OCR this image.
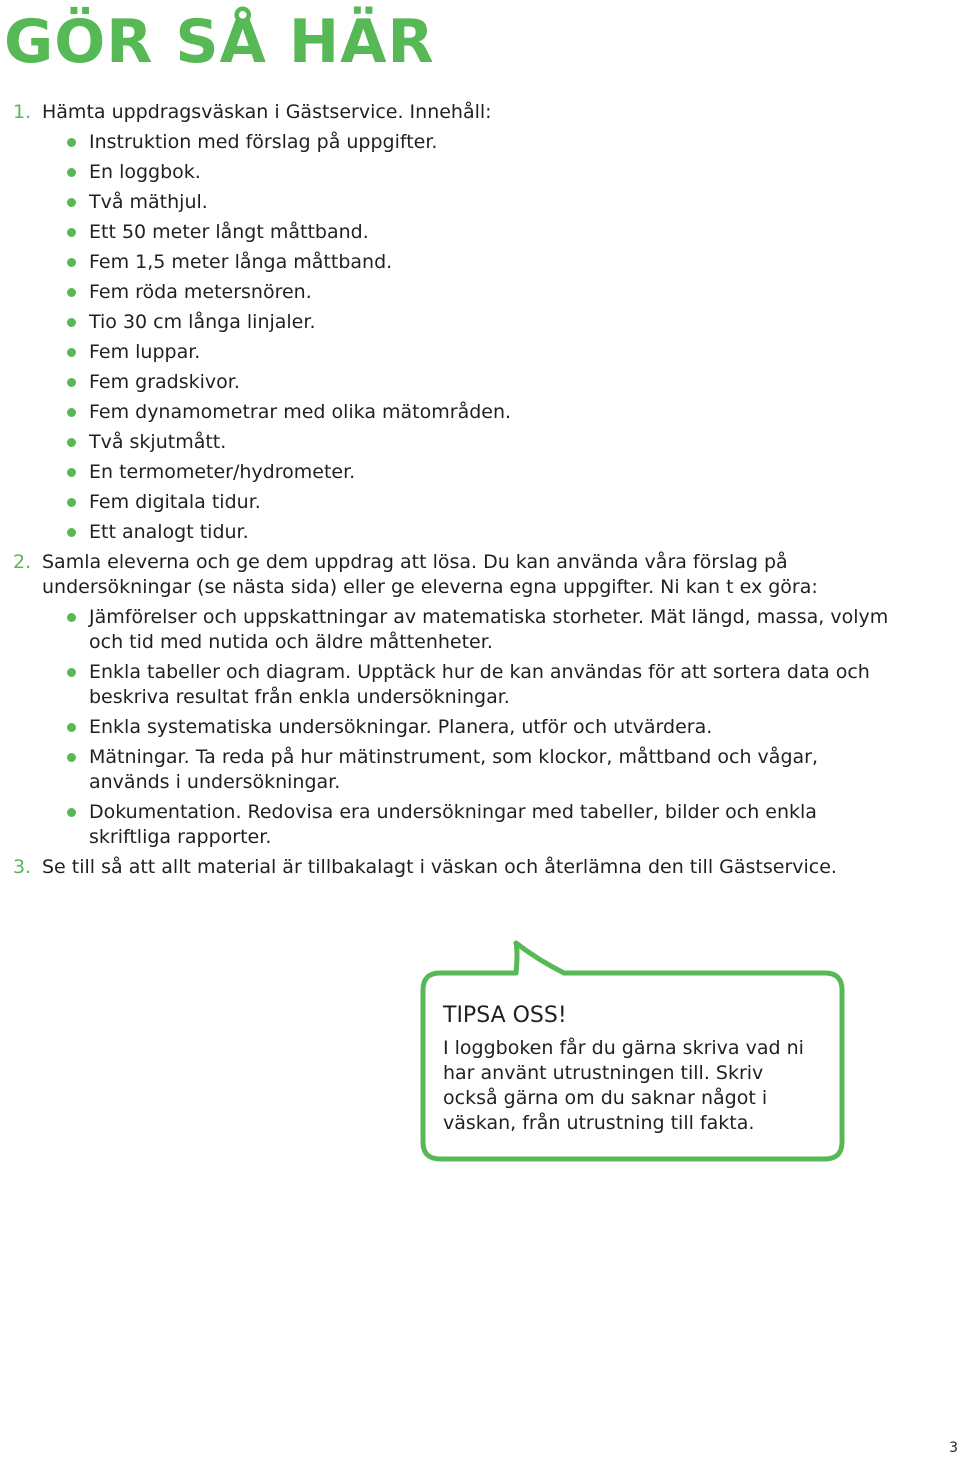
GÖR SÅ HÄR
1. Hämta uppdragsväskan i Gästservice. Innehåll:
Instruktion med förslag på uppgifter.
En loggbok.
Två mäthjul.
Ett 50 meter långt måttband.
Fem 1,5 meter långa måttband.
Fem röda metersnören.
Tio 30 cm långa linjaler.
Fem luppar.
Fem gradskivor.
Fem dynamometrar med olika mätområden.
Två skjutmått.
En termometer/hydrometer.
Fem digitala tidur.
Ett analogt tidur.
2. Samla eleverna och ge dem uppdrag att lösa. Du kan använda våra förslag på undersökningar (se nästa sida) eller ge eleverna egna uppgifter. Ni kan t ex göra:
Jämförelser och uppskattningar av matematiska storheter. Mät längd, massa, volym och tid med nutida och äldre måttenheter.
Enkla tabeller och diagram. Upptäck hur de kan användas för att sortera data och beskriva resultat från enkla undersökningar.
Enkla systematiska undersökningar. Planera, utför och utvärdera.
Mätningar. Ta reda på hur mätinstrument, som klockor, måttband och vågar, används i undersökningar.
Dokumentation. Redovisa era undersökningar med tabeller, bilder och enkla skriftliga rapporter.
3. Se till så att allt material är tillbakalagt i väskan och återlämna den till Gästservice.
TIPSA OSS!

I loggboken får du gärna skriva vad ni har använt utrustningen till. Skriv också gärna om du saknar något i väskan, från utrustning till fakta.

3
